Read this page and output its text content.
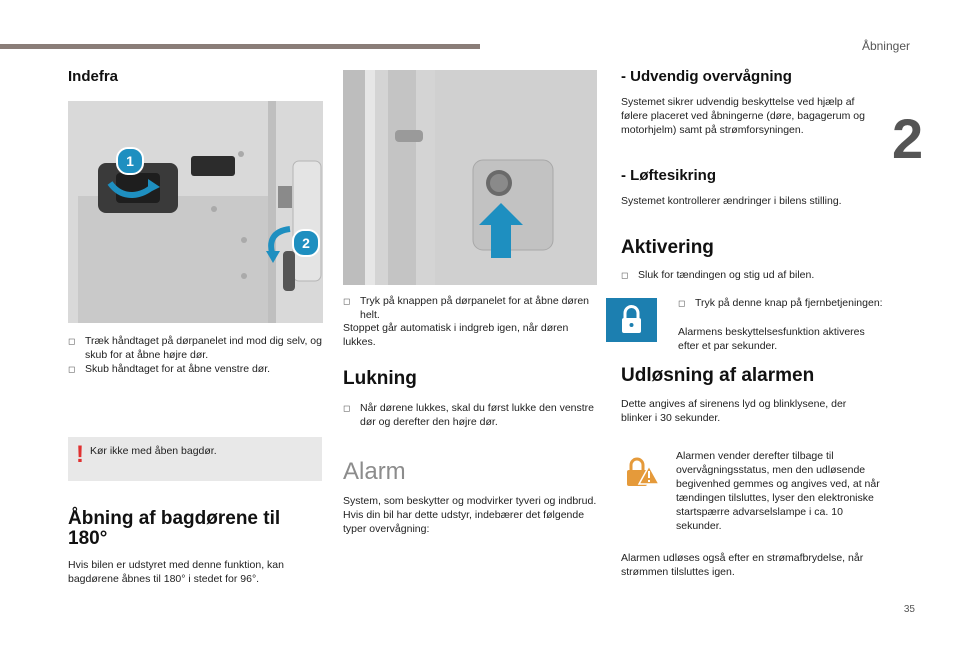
Åbninger
2
35
Indefra
1
2
◻ Træk håndtaget på dørpanelet ind mod dig selv, og skub for at åbne højre dør.
◻ Skub håndtaget for at åbne venstre dør.
! Kør ikke med åben bagdør.
Åbning af bagdørene til 180°
Hvis bilen er udstyret med denne funktion, kan bagdørene åbnes til 180° i stedet for 96°.
◻ Tryk på knappen på dørpanelet for at åbne døren helt.
Stoppet går automatisk i indgreb igen, når døren lukkes.
Lukning
◻ Når dørene lukkes, skal du først lukke den venstre dør og derefter den højre dør.
Alarm
System, som beskytter og modvirker tyveri og indbrud. Hvis din bil har dette udstyr, indebærer det følgende typer overvågning:
- Udvendig overvågning
Systemet sikrer udvendig beskyttelse ved hjælp af følere placeret ved åbningerne (døre, bagagerum og motorhjelm) samt på strømforsyningen.
- Løftesikring
Systemet kontrollerer ændringer i bilens stilling.
Aktivering
◻ Sluk for tændingen og stig ud af bilen.
◻ Tryk på denne knap på fjernbetjeningen:
Alarmens beskyttelsesfunktion aktiveres efter et par sekunder.
Udløsning af alarmen
Dette angives af sirenens lyd og blinklysene, der blinker i 30 sekunder.
Alarmen vender derefter tilbage til overvågningsstatus, men den udløsende begivenhed gemmes og angives ved, at når tændingen tilsluttes, lyser den elektroniske startspærre advarselslampe i ca. 10 sekunder.
Alarmen udløses også efter en strømafbrydelse, når strømmen tilsluttes igen.
